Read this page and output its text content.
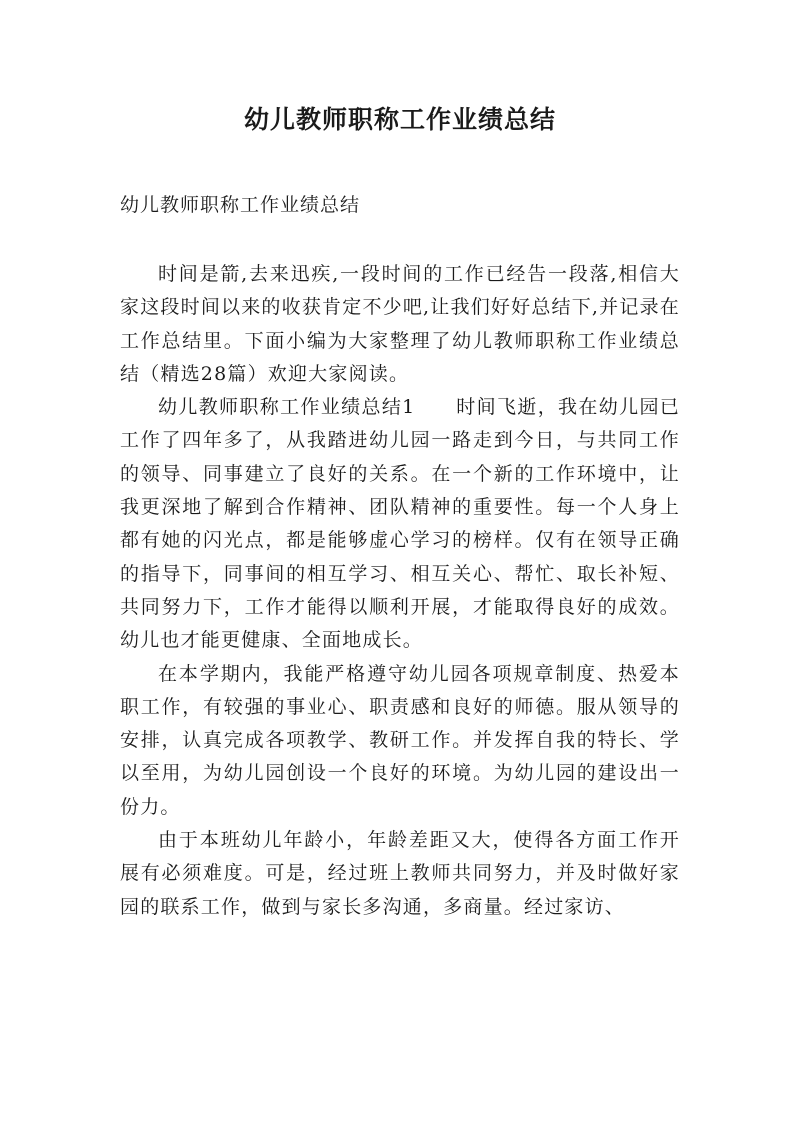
幼儿教师职称工作业绩总结
幼儿教师职称工作业绩总结

时间是箭,去来迅疾,一段时间的工作已经告一段落,相信大家这段时间以来的收获肯定不少吧,让我们好好总结下,并记录在工作总结里。下面小编为大家整理了幼儿教师职称工作业绩总结（精选28篇）欢迎大家阅读。

幼儿教师职称工作业绩总结1　　时间飞逝，我在幼儿园已工作了四年多了，从我踏进幼儿园一路走到今日，与共同工作的领导、同事建立了良好的关系。在一个新的工作环境中，让我更深地了解到合作精神、团队精神的重要性。每一个人身上都有她的闪光点，都是能够虚心学习的榜样。仅有在领导正确的指导下，同事间的相互学习、相互关心、帮忙、取长补短、共同努力下，工作才能得以顺利开展，才能取得良好的成效。幼儿也才能更健康、全面地成长。

在本学期内，我能严格遵守幼儿园各项规章制度、热爱本职工作，有较强的事业心、职责感和良好的师德。服从领导的安排，认真完成各项教学、教研工作。并发挥自我的特长、学以至用，为幼儿园创设一个良好的环境。为幼儿园的建设出一份力。

由于本班幼儿年龄小，年龄差距又大，使得各方面工作开展有必须难度。可是，经过班上教师共同努力，并及时做好家园的联系工作，做到与家长多沟通，多商量。经过家访、
